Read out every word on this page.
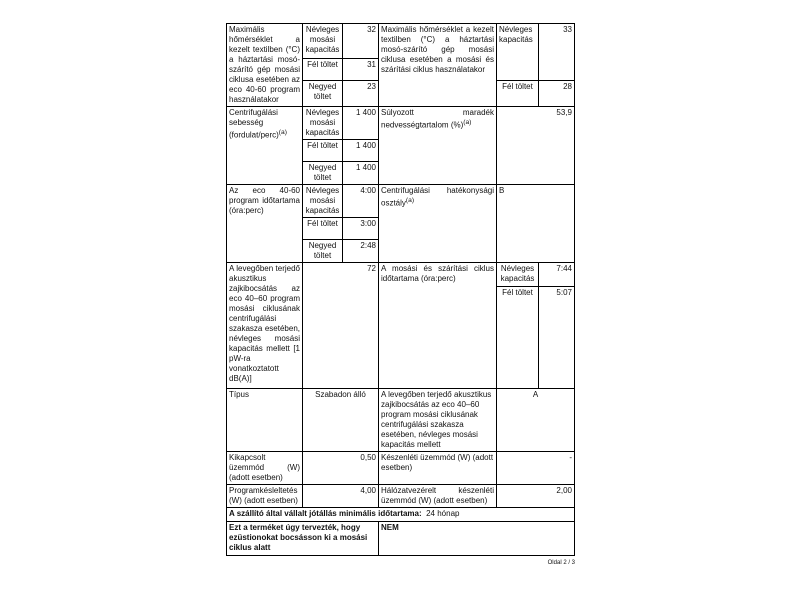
Maximális hőmérséklet a kezelt textilben (°C) a háztartási mosó-szárító gép mosási ciklusa esetében az eco 40-60 program használatakor	Névleges mosási kapacitás	32	Maximális hőmérséklet a kezelt textilben (°C) a háztartási mosó-szárító gép mosási ciklusa esetében a mosási és szárítási ciklus használatakor	Névleges kapacitás	33
	Fél töltet	31			
	Negyed töltet	23		Fél töltet	28
Centrifugálási sebesség (fordulat/perc)$^{(a)}$	Névleges mosási kapacitás	1 400	Súlyozott maradék nedvességtartalom (%)$^{(a)}$	53,9	
	Fél töltet	1 400			
	Negyed töltet	1 400			
Az eco 40-60 program időtartama (óra:perc)	Névleges mosási kapacitás	4:00	Centrifugálási hatékonysági osztály$^{(a)}$	B	
	Fél töltet	3:00			
	Negyed töltet	2:48			
A levegőben terjedő akusztikus zajkibocsátás az eco 40–60 program mosási ciklusának centrifugálási szakasza esetében, névleges mosási kapacitás mellett [1 pW-ra vonatkoztatott dB(A)]	72		A mosási és szárítási ciklus időtartama (óra:perc)	Névleges kapacitás	7:44
				Fél töltet	5:07
Típus	Szabadon álló		A levegőben terjedő akusztikus zajkibocsátás az eco 40–60 program mosási ciklusának centrifugálási szakasza esetében, névleges mosási kapacitás mellett	A	
Kikapcsolt üzemmód (W) (adott esetben)	0,50		Készenléti üzemmód (W) (adott esetben)	-	
Programkésleltetés (W) (adott esetben)	4,00		Hálózatvezérelt készenléti üzemmód (W) (adott esetben)	2,00	
A szállító által vállalt jótállás minimális időtartama: 24 hónap					
Ezt a terméket úgy tervezték, hogy ezüstionokat bocsásson ki a mosási ciklus alatt			NEM		
Oldal 2 / 3
